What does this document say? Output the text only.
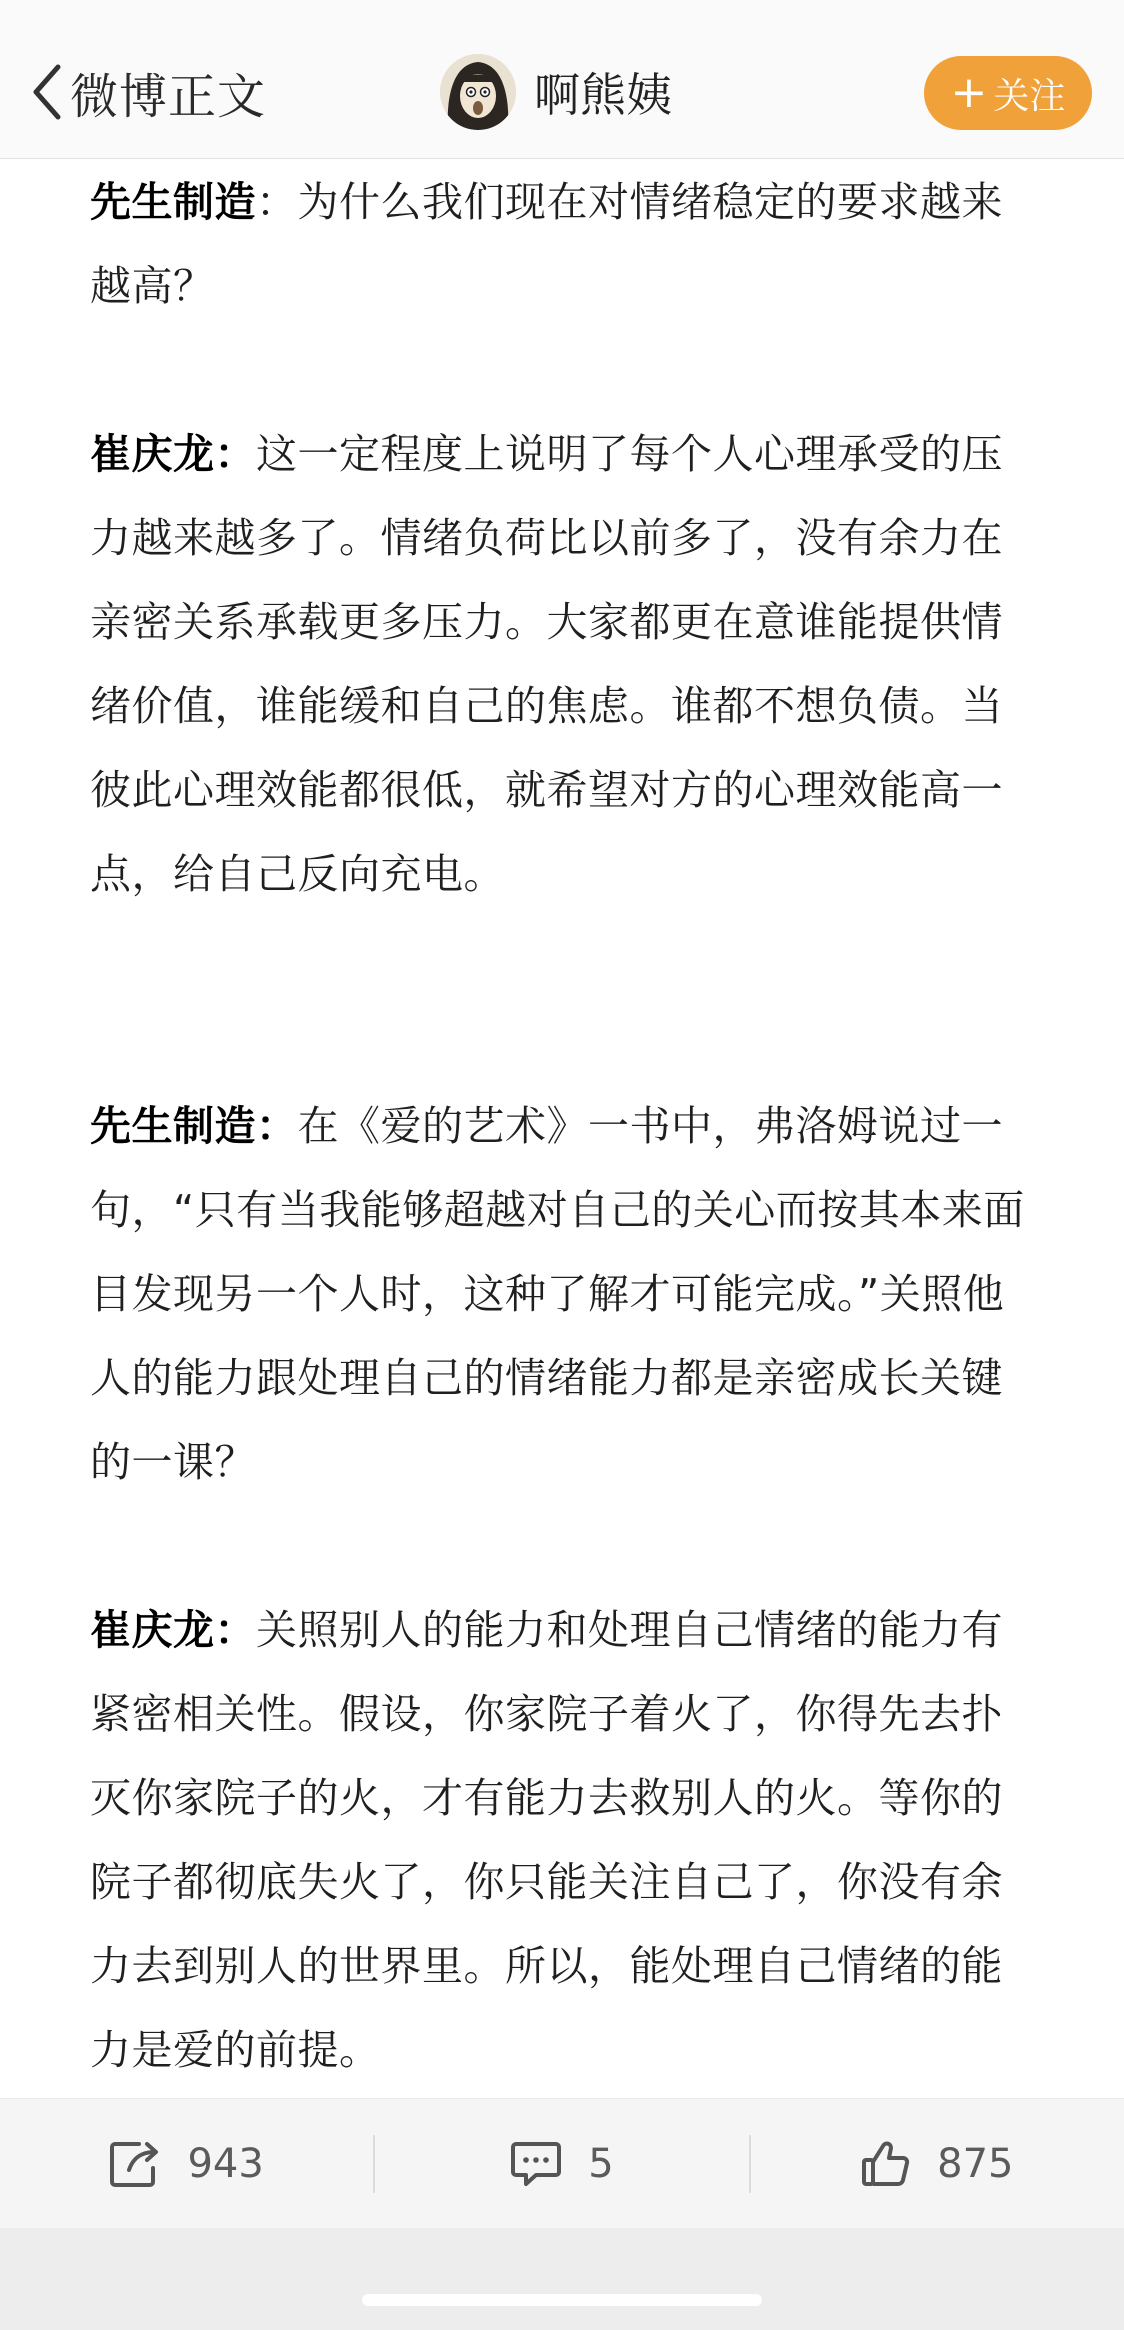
微博正文	啊熊姨	+ 关注

先生制造：为什么我们现在对情绪稳定的要求越来越高？

崔庆龙：这一定程度上说明了每个人心理承受的压力越来越多了。情绪负荷比以前多了，没有余力在亲密关系承载更多压力。大家都更在意谁能提供情绪价值，谁能缓和自己的焦虑。谁都不想负债。当彼此心理效能都很低，就希望对方的心理效能高一点，给自己反向充电。

先生制造：在《爱的艺术》一书中，弗洛姆说过一句，“只有当我能够超越对自己的关心而按其本来面目发现另一个人时，这种了解才可能完成。”关照他人的能力跟处理自己的情绪能力都是亲密成长关键的一课？

崔庆龙：关照别人的能力和处理自己情绪的能力有紧密相关性。假设，你家院子着火了，你得先去扑灭你家院子的火，才有能力去救别人的火。等你的院子都彻底失火了，你只能关注自己了，你没有余力去到别人的世界里。所以，能处理自己情绪的能力是爱的前提。

943	5	875
